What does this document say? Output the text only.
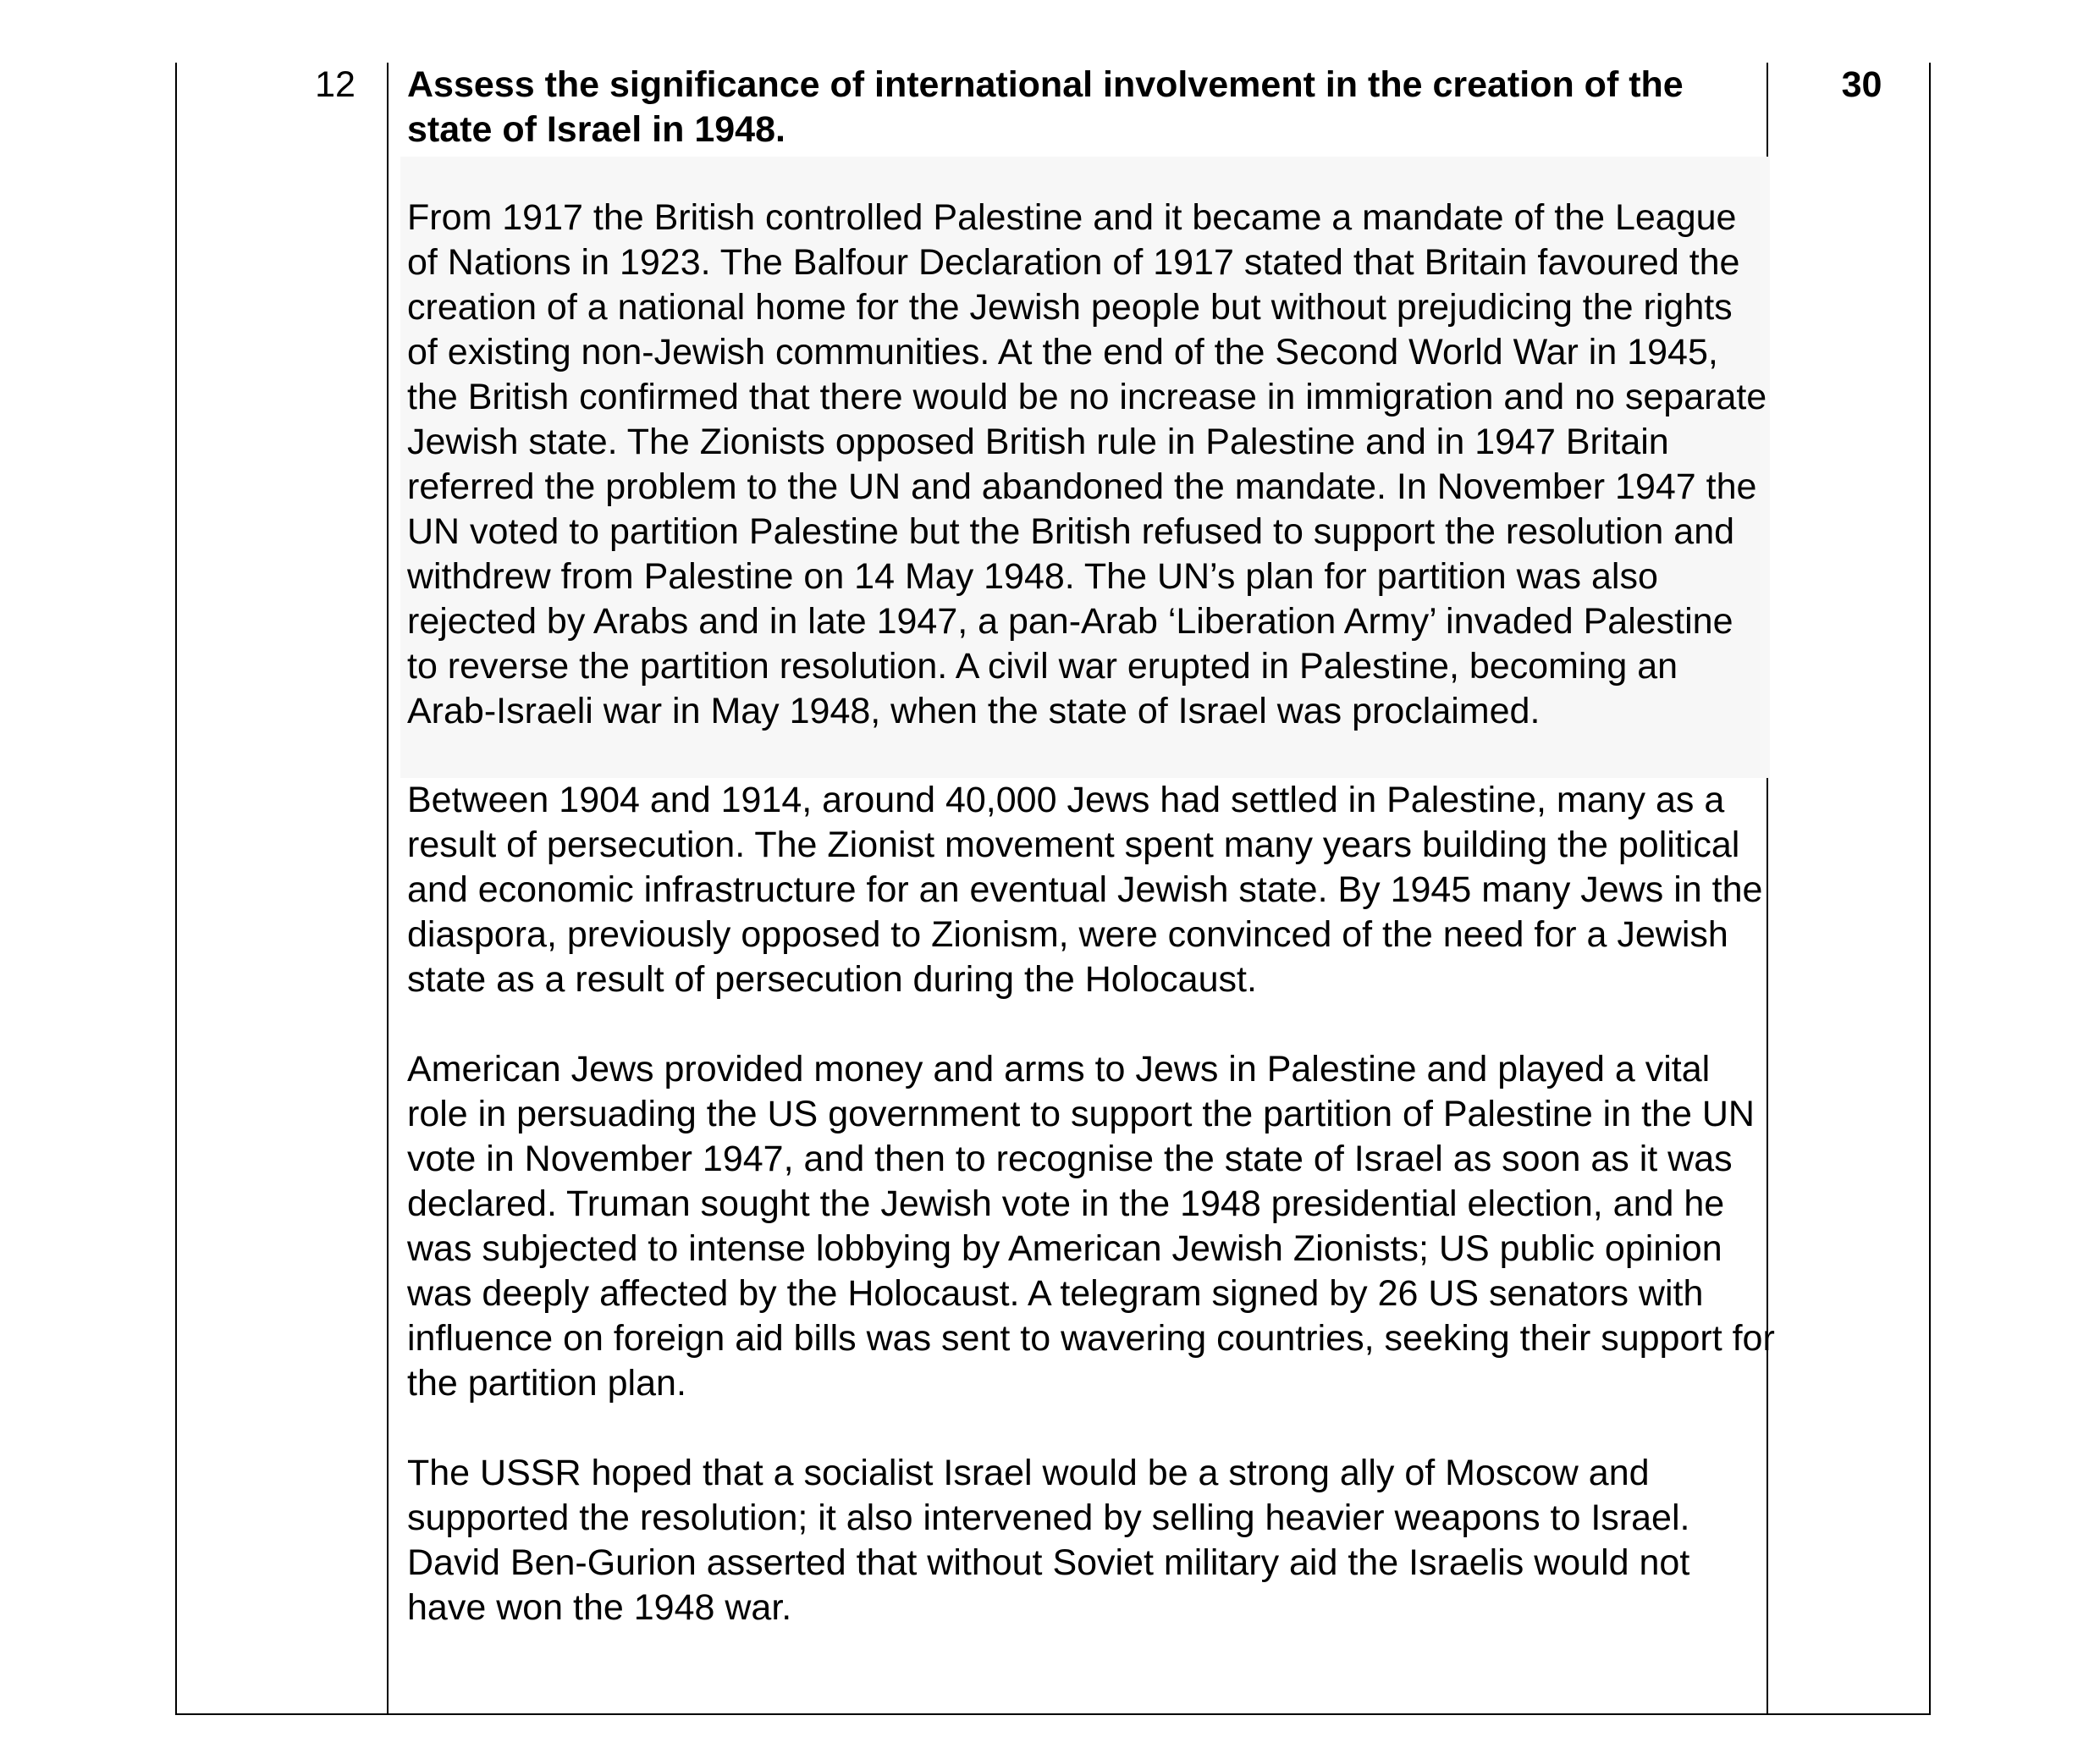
12	Assess the significance of international involvement in the creation of the state of Israel in 1948.

From 1917 the British controlled Palestine and it became a mandate of the League of Nations in 1923. The Balfour Declaration of 1917 stated that Britain favoured the creation of a national home for the Jewish people but without prejudicing the rights of existing non-Jewish communities. At the end of the Second World War in 1945, the British confirmed that there would be no increase in immigration and no separate Jewish state. The Zionists opposed British rule in Palestine and in 1947 Britain referred the problem to the UN and abandoned the mandate. In November 1947 the UN voted to partition Palestine but the British refused to support the resolution and withdrew from Palestine on 14 May 1948. The UN’s plan for partition was also rejected by Arabs and in late 1947, a pan-Arab ‘Liberation Army’ invaded Palestine to reverse the partition resolution. A civil war erupted in Palestine, becoming an Arab-Israeli war in May 1948, when the state of Israel was proclaimed.

Between 1904 and 1914, around 40,000 Jews had settled in Palestine, many as a result of persecution. The Zionist movement spent many years building the political and economic infrastructure for an eventual Jewish state. By 1945 many Jews in the diaspora, previously opposed to Zionism, were convinced of the need for a Jewish state as a result of persecution during the Holocaust.

American Jews provided money and arms to Jews in Palestine and played a vital role in persuading the US government to support the partition of Palestine in the UN vote in November 1947, and then to recognise the state of Israel as soon as it was declared. Truman sought the Jewish vote in the 1948 presidential election, and he was subjected to intense lobbying by American Jewish Zionists; US public opinion was deeply affected by the Holocaust. A telegram signed by 26 US senators with influence on foreign aid bills was sent to wavering countries, seeking their support for the partition plan.

The USSR hoped that a socialist Israel would be a strong ally of Moscow and supported the resolution; it also intervened by selling heavier weapons to Israel. David Ben-Gurion asserted that without Soviet military aid the Israelis would not have won the 1948 war.

30
